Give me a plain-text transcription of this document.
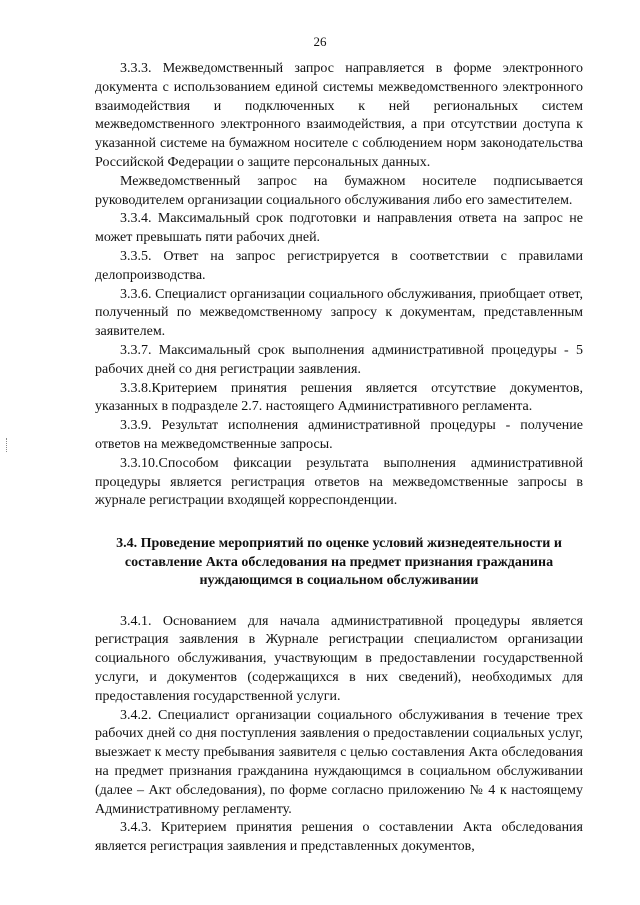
26

3.3.3. Межведомственный запрос направляется в форме электронного документа с использованием единой системы межведомственного электронного взаимодействия и подключенных к ней региональных систем межведомственного электронного взаимодействия, а при отсутствии доступа к указанной системе на бумажном носителе с соблюдением норм законодательства Российской Федерации о защите персональных данных.

Межведомственный запрос на бумажном носителе подписывается руководителем организации социального обслуживания либо его заместителем.

3.3.4. Максимальный срок подготовки и направления ответа на запрос не может превышать пяти рабочих дней.

3.3.5. Ответ на запрос регистрируется в соответствии с правилами делопроизводства.

3.3.6. Специалист организации социального обслуживания, приобщает ответ, полученный по межведомственному запросу к документам, представленным заявителем.

3.3.7. Максимальный срок выполнения административной процедуры - 5 рабочих дней со дня регистрации заявления.

3.3.8.Критерием принятия решения является отсутствие документов, указанных в подразделе 2.7. настоящего Административного регламента.

3.3.9. Результат исполнения административной процедуры - получение ответов на межведомственные запросы.

3.3.10.Способом фиксации результата выполнения административной процедуры является регистрация ответов на межведомственные запросы в журнале регистрации входящей корреспонденции.

3.4. Проведение мероприятий по оценке условий жизнедеятельности и составление Акта обследования на предмет признания гражданина нуждающимся в социальном обслуживании

3.4.1. Основанием для начала административной процедуры является регистрация заявления в Журнале регистрации специалистом организации социального обслуживания, участвующим в предоставлении государственной услуги, и документов (содержащихся в них сведений), необходимых для предоставления государственной услуги.

3.4.2. Специалист организации социального обслуживания в течение трех рабочих дней со дня поступления заявления о предоставлении социальных услуг, выезжает к месту пребывания заявителя с целью составления Акта обследования на предмет признания гражданина нуждающимся в социальном обслуживании (далее – Акт обследования), по форме согласно приложению № 4 к настоящему Административному регламенту.

3.4.3. Критерием принятия решения о составлении Акта обследования является регистрация заявления и представленных документов,
